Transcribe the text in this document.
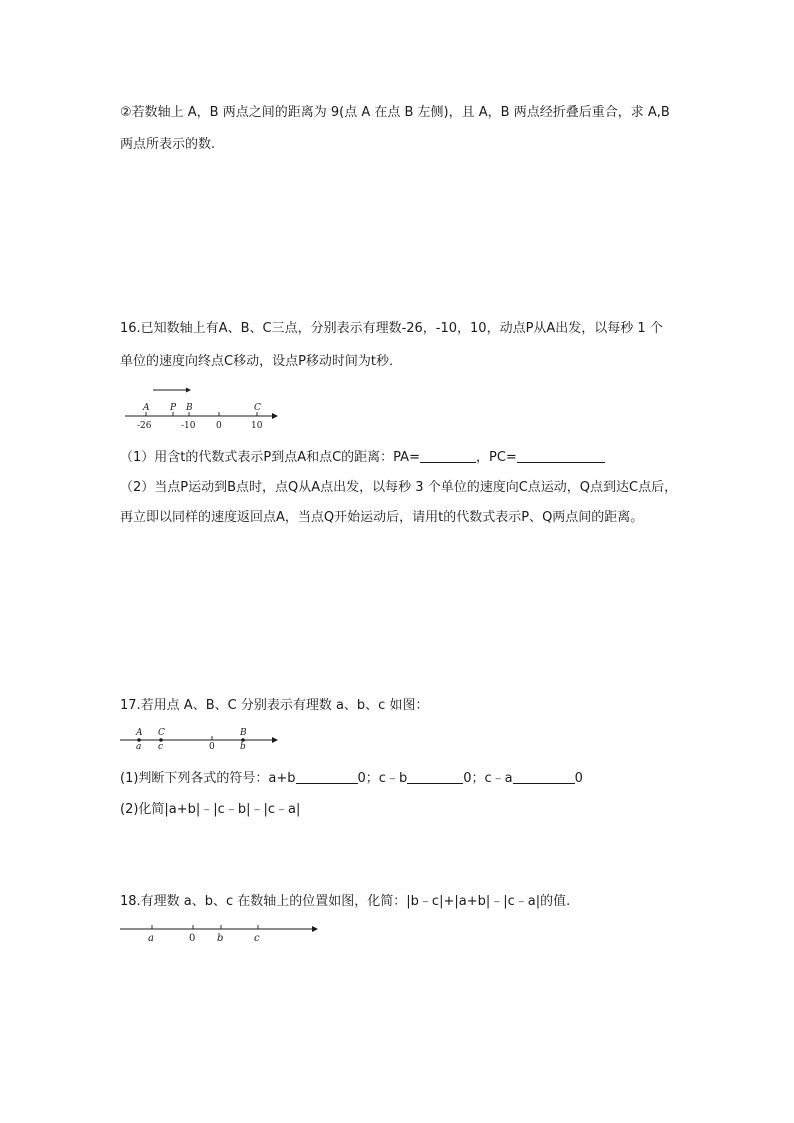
②若数轴上 A，B 两点之间的距离为 9(点 A 在点 B 左侧)，且 A，B 两点经折叠后重合，求 A,B
两点所表示的数.
16.已知数轴上有A、B、C三点，分别表示有理数-26，-10，10，动点P从A出发，以每秒 1 个
单位的速度向终点C移动，设点P移动时间为t秒．
A P B	C
-26	-10 0	10
（1）用含t的代数式表示P到点A和点C的距离：PA=	，PC=
（2）当点P运动到B点时，点Q从A点出发，以每秒 3 个单位的速度向C点运动，Q点到达C点后，
再立即以同样的速度返回点A，当点Q开始运动后，请用t的代数式表示P、Q两点间的距离。
17.若用点 A、B、C 分别表示有理数 a、b、c 如图：
A C	B
a c	0	b
(1)判断下列各式的符号：a+b	0；c﹣b	0；c﹣a	0
(2)化简|a+b|﹣|c﹣b|﹣|c﹣a|
18.有理数 a、b、c 在数轴上的位置如图，化简：|b﹣c|+|a+b|﹣|c﹣a|的值.
a	0 b	c
